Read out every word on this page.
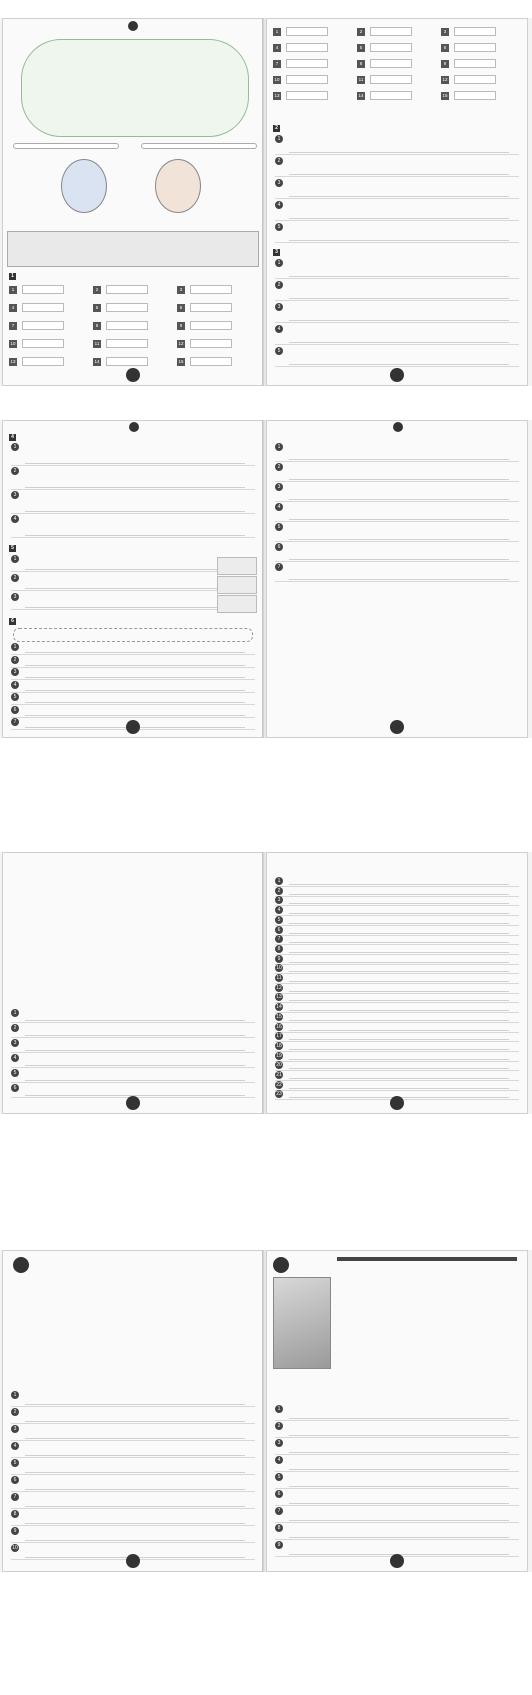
1
1	2	3
4	5	6
7	8	9
10	11	12
13	14	15
1	2	3
4	5	6
7	8	9
10	11	12
13	14	15
2
1
2
3
4
5
3
1
2
3
4
5
4
1
2
3
4
5
1
2
3
6
1
2
3
4
5
6
7
1
2
3
4
5
6
7
1
2
3
4
5
6
1
2
3
4
5
6
7
8
9
10
11
12
13
14
15
16
17
18
19
20
21
22
23
1
2
3
4
5
6
7
8
9
10
1
2
3
4
5
6
7
8
9
